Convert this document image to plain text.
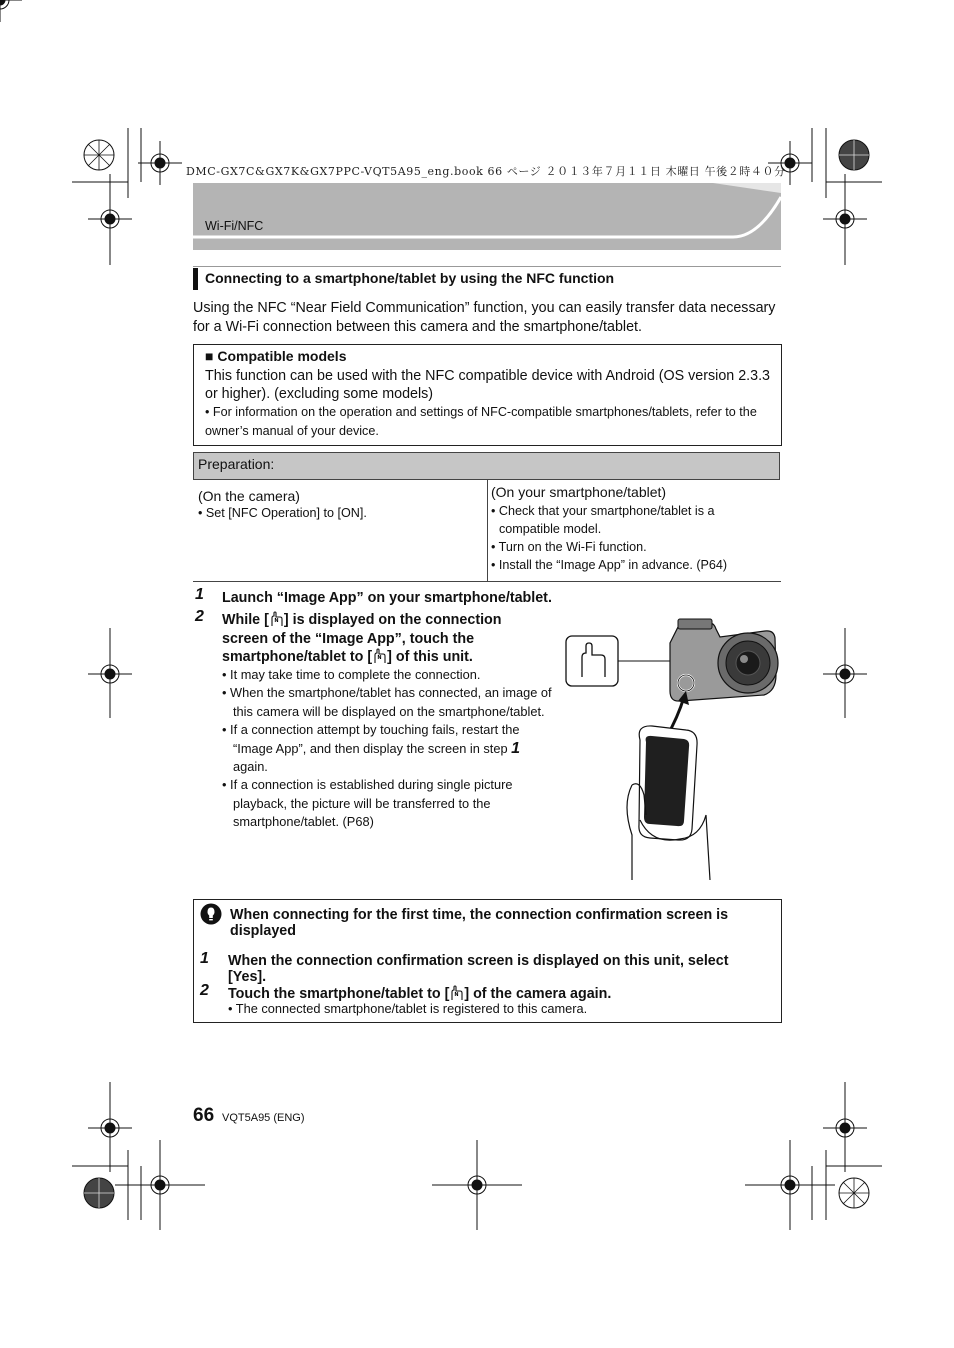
DMC-GX7C&GX7K&GX7PPC-VQT5A95_eng.book 66 ページ ２０１３年７月１１日 木曜日 午後２時４０分
Wi-Fi/NFC
Connecting to a smartphone/tablet by using the NFC function
Using the NFC “Near Field Communication” function, you can easily transfer data necessary for a Wi-Fi connection between this camera and the smartphone/tablet.
■ Compatible models
This function can be used with the NFC compatible device with Android (OS version 2.3.3 or higher). (excluding some models)
• For information on the operation and settings of NFC-compatible smartphones/tablets, refer to the owner’s manual of your device.
Preparation:
(On the camera)
• Set [NFC Operation] to [ON].
(On your smartphone/tablet)
• Check that your smartphone/tablet is a compatible model.
• Turn on the Wi-Fi function.
• Install the “Image App” in advance. (P64)
1 Launch “Image App” on your smartphone/tablet.
2 While [ N ] is displayed on the connection screen of the “Image App”, touch the smartphone/tablet to [ N ] of this unit.
• It may take time to complete the connection.
• When the smartphone/tablet has connected, an image of this camera will be displayed on the smartphone/tablet.
• If a connection attempt by touching fails, restart the “Image App”, and then display the screen in step 1
again.
• If a connection is established during single picture playback, the picture will be transferred to the smartphone/tablet. (P68)
When connecting for the first time, the connection confirmation screen is displayed
1 When the connection confirmation screen is displayed on this unit, select [Yes].
2 Touch the smartphone/tablet to [ N ] of the camera again.
• The connected smartphone/tablet is registered to this camera.
66 VQT5A95 (ENG)
